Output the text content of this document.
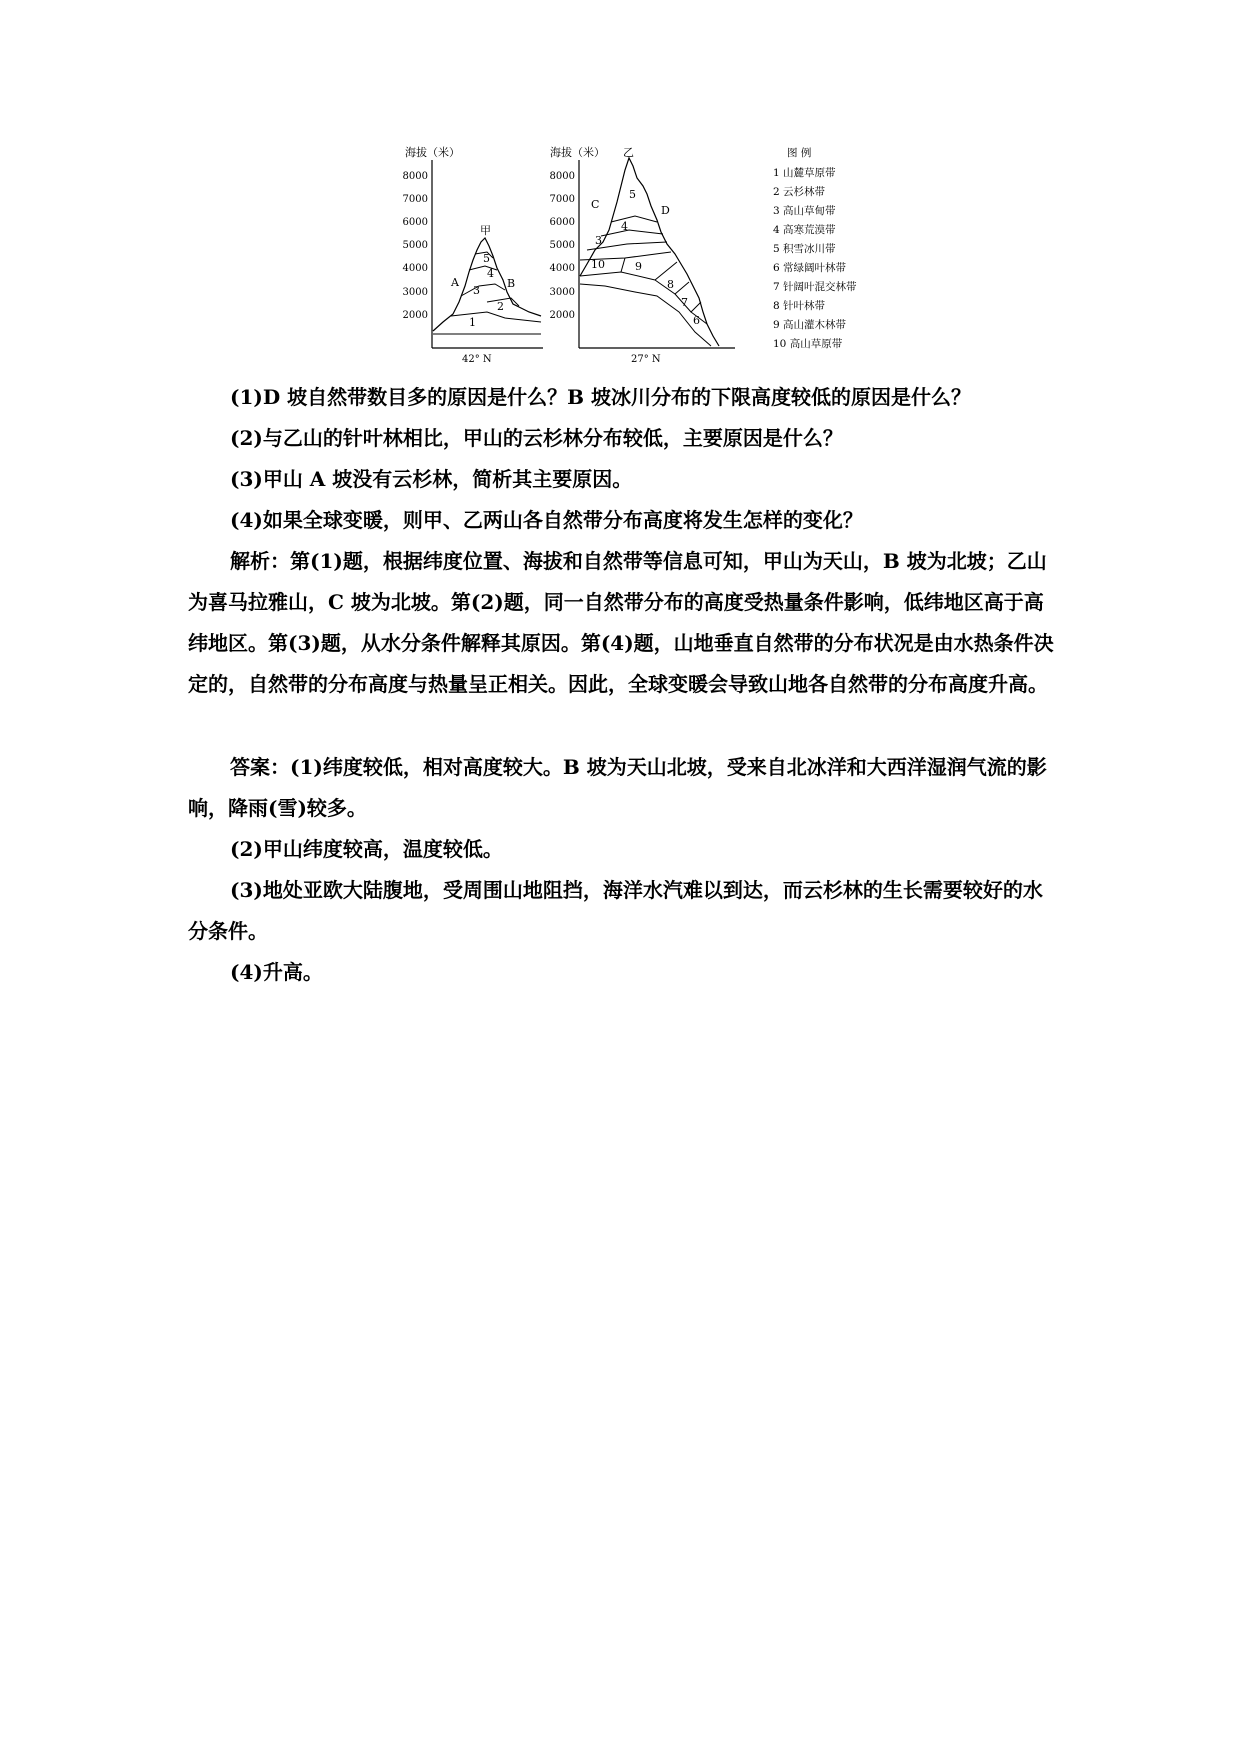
海拔（米）
8000
7000
6000
5000
4000
3000
2000
甲
A	B
5
4
3
2
1
42° N
海拔（米）
8000
7000
6000
5000
4000
3000
2000
乙
C	D
5
4
3
10	9
8
7
6
27° N
图 例
1 山麓草原带
2 云杉林带
3 高山草甸带
4 高寒荒漠带
5 积雪冰川带
6 常绿阔叶林带
7 针阔叶混交林带
8 针叶林带
9 高山灌木林带
10 高山草原带

(1)D 坡自然带数目多的原因是什么？B 坡冰川分布的下限高度较低的原因是什么？

(2)与乙山的针叶林相比，甲山的云杉林分布较低，主要原因是什么？

(3)甲山 A 坡没有云杉林，简析其主要原因。

(4)如果全球变暖，则甲、乙两山各自然带分布高度将发生怎样的变化？

解析：第(1)题，根据纬度位置、海拔和自然带等信息可知，甲山为天山，B 坡为北坡；乙山为喜马拉雅山，C 坡为北坡。第(2)题，同一自然带分布的高度受热量条件影响，低纬地区高于高纬地区。第(3)题，从水分条件解释其原因。第(4)题，山地垂直自然带的分布状况是由水热条件决定的，自然带的分布高度与热量呈正相关。因此，全球变暖会导致山地各自然带的分布高度升高。

答案：(1)纬度较低，相对高度较大。B 坡为天山北坡，受来自北冰洋和大西洋湿润气流的影响，降雨(雪)较多。

(2)甲山纬度较高，温度较低。

(3)地处亚欧大陆腹地，受周围山地阻挡，海洋水汽难以到达，而云杉林的生长需要较好的水分条件。

(4)升高。
